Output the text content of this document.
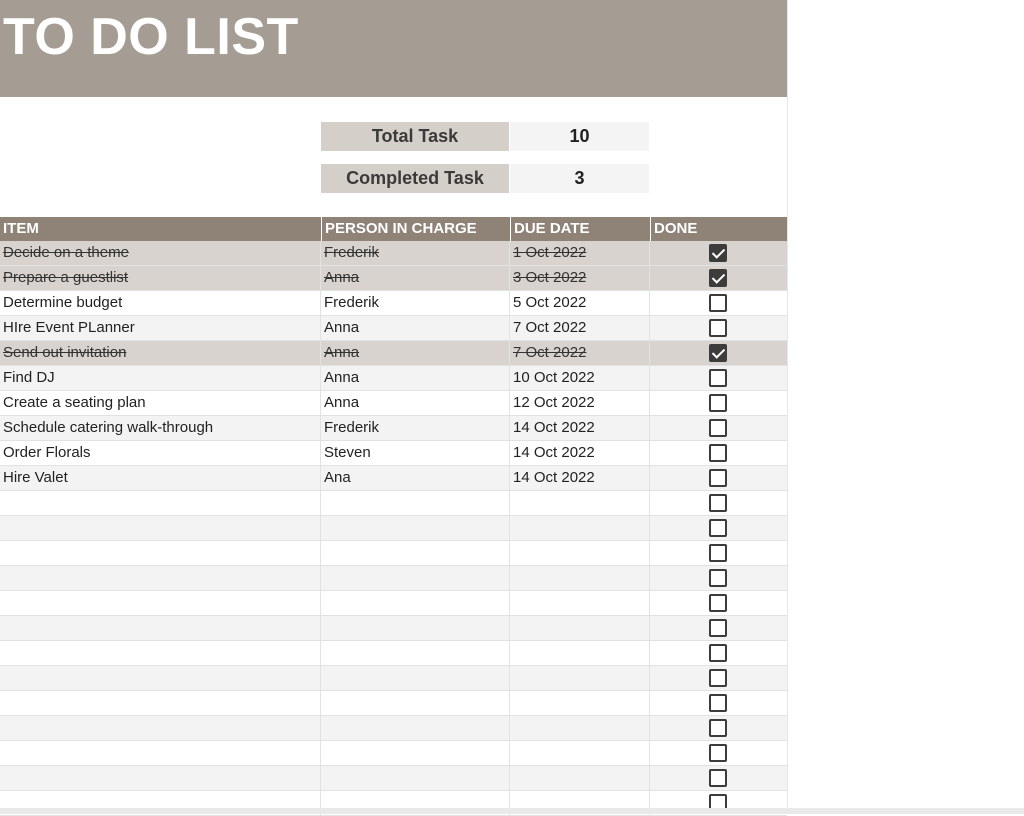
TO DO LIST
Total Task	10
Completed Task	3
ITEM	PERSON IN CHARGE	DUE DATE	DONE
Decide on a theme	Frederik	1 Oct 2022
Prepare a guestlist	Anna	3 Oct 2022
Determine budget	Frederik	5 Oct 2022
HIre Event PLanner	Anna	7 Oct 2022
Send out invitation	Anna	7 Oct 2022
Find DJ	Anna	10 Oct 2022
Create a seating plan	Anna	12 Oct 2022
Schedule catering walk-through	Frederik	14 Oct 2022
Order Florals	Steven	14 Oct 2022
Hire Valet	Ana	14 Oct 2022
